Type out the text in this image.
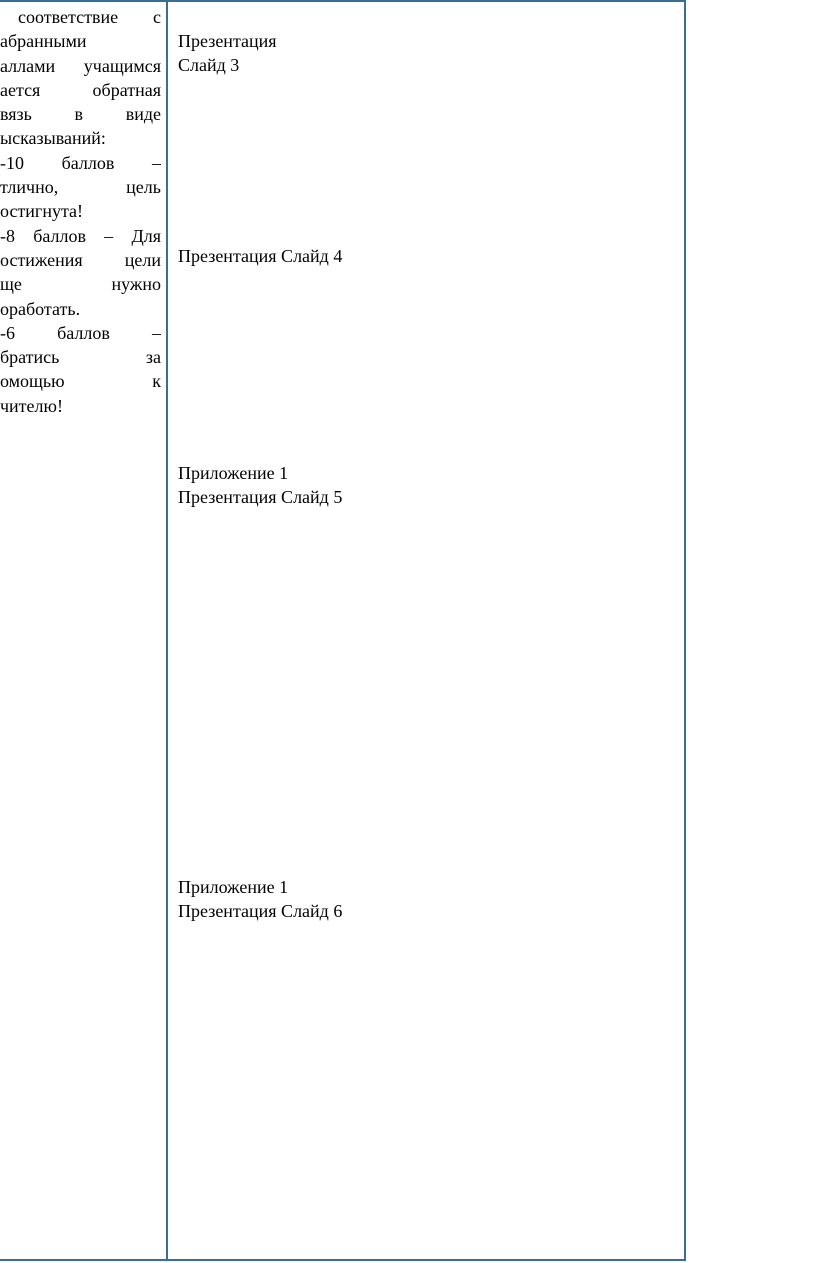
соответствие с
абранными
аллами учащимся
ается обратная
вязь в виде
ысказываний:
-10 баллов –
тлично, цель
остигнута!
-8 баллов – Для
остижения цели
ще нужно
оработать.
-6 баллов –
братись за
омощью к
чителю!
Презентация
Слайд 3
Презентация Слайд 4
Приложение 1
Презентация Слайд 5
Приложение 1
Презентация Слайд 6
